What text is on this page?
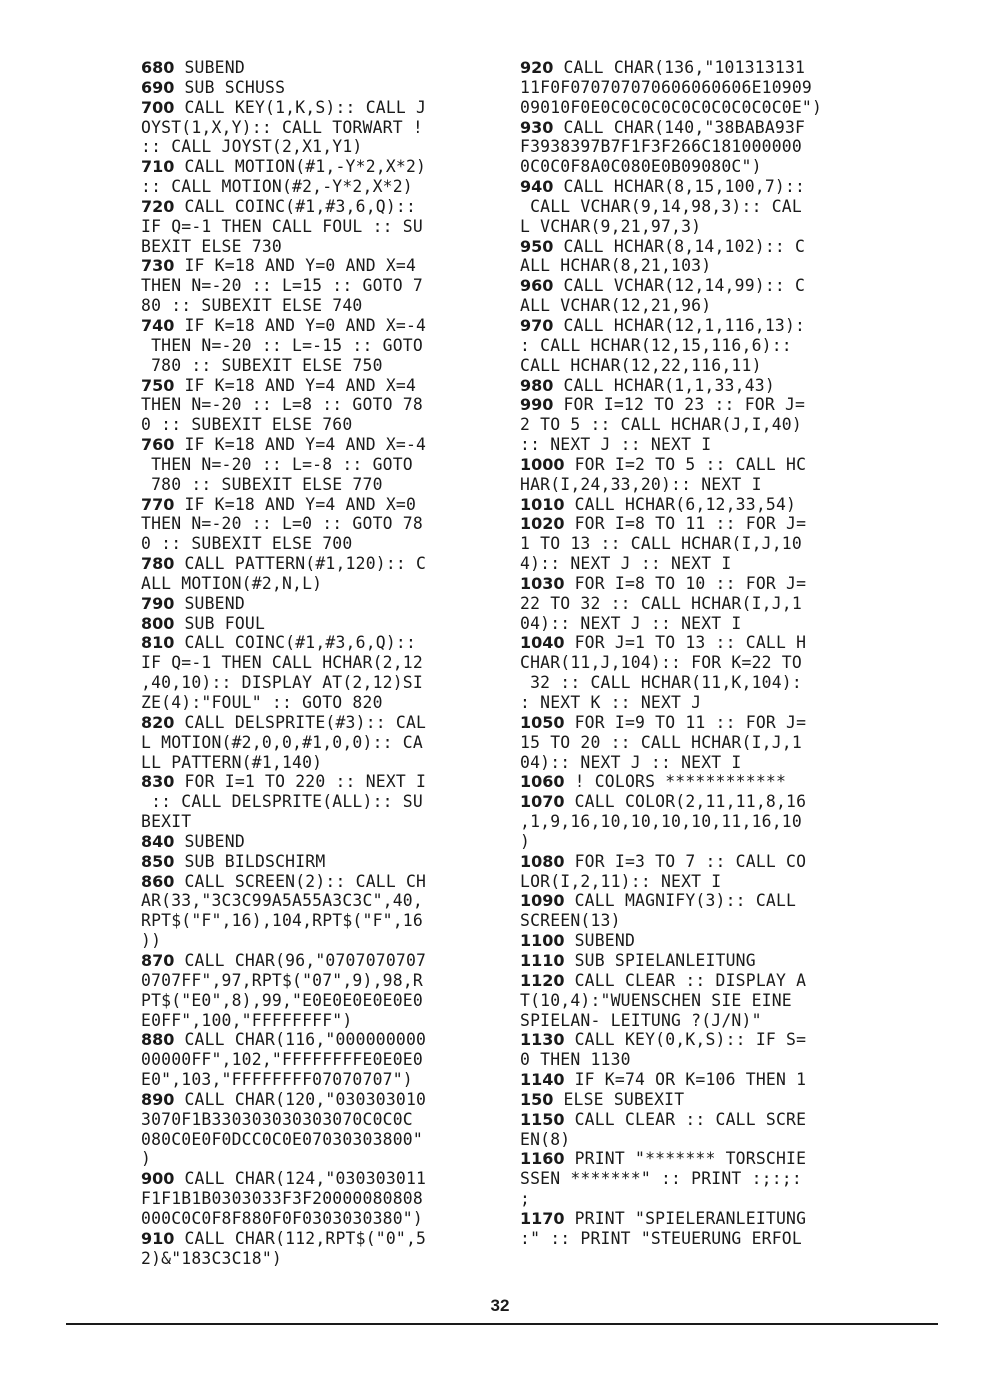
680 SUBEND
690 SUB SCHUSS
700 CALL KEY(1,K,S):: CALL J
OYST(1,X,Y):: CALL TORWART !
:: CALL JOYST(2,X1,Y1)
710 CALL MOTION(#1,-Y*2,X*2)
:: CALL MOTION(#2,-Y*2,X*2)
720 CALL COINC(#1,#3,6,Q)::
IF Q=-1 THEN CALL FOUL :: SU
BEXIT ELSE 730
730 IF K=18 AND Y=0 AND X=4
THEN N=-20 :: L=15 :: GOTO 7
80 :: SUBEXIT ELSE 740
740 IF K=18 AND Y=0 AND X=-4
THEN N=-20 :: L=-15 :: GOTO
780 :: SUBEXIT ELSE 750
750 IF K=18 AND Y=4 AND X=4
THEN N=-20 :: L=8 :: GOTO 78
0 :: SUBEXIT ELSE 760
760 IF K=18 AND Y=4 AND X=-4
THEN N=-20 :: L=-8 :: GOTO
780 :: SUBEXIT ELSE 770
770 IF K=18 AND Y=4 AND X=0
THEN N=-20 :: L=0 :: GOTO 78
0 :: SUBEXIT ELSE 700
780 CALL PATTERN(#1,120):: C
ALL MOTION(#2,N,L)
790 SUBEND
800 SUB FOUL
810 CALL COINC(#1,#3,6,Q)::
IF Q=-1 THEN CALL HCHAR(2,12
,40,10):: DISPLAY AT(2,12)SI
ZE(4):"FOUL" :: GOTO 820
820 CALL DELSPRITE(#3):: CAL
L MOTION(#2,0,0,#1,0,0):: CA
LL PATTERN(#1,140)
830 FOR I=1 TO 220 :: NEXT I
:: CALL DELSPRITE(ALL):: SU
BEXIT
840 SUBEND
850 SUB BILDSCHIRM
860 CALL SCREEN(2):: CALL CH
AR(33,"3C3C99A5A55A3C3C",40,
RPT$("F",16),104,RPT$("F",16
))
870 CALL CHAR(96,"0707070707
0707FF",97,RPT$("07",9),98,R
PT$("E0",8),99,"E0E0E0E0E0E0
E0FF",100,"FFFFFFFF")
880 CALL CHAR(116,"000000000
00000FF",102,"FFFFFFFFE0E0E0
E0",103,"FFFFFFFF07070707")
890 CALL CHAR(120,"030303010
3070F1B330303030303070C0C0C
080C0E0F0DCC0C0E07030303800"
)
900 CALL CHAR(124,"030303011
F1F1B1B0303033F3F20000080808
000C0C0F8F880F0F0303030380")
910 CALL CHAR(112,RPT$("0",5
2)&"183C3C18")
920 CALL CHAR(136,"101313131
11F0F070707070606060606E10909
09010F0E0C0C0C0C0C0C0C0C0C0E")
930 CALL CHAR(140,"38BABA93F
F3938397B7F1F3F266C181000000
0C0C0F8A0C080E0B09080C")
940 CALL HCHAR(8,15,100,7)::
CALL VCHAR(9,14,98,3):: CAL
L VCHAR(9,21,97,3)
950 CALL HCHAR(8,14,102):: C
ALL HCHAR(8,21,103)
960 CALL VCHAR(12,14,99):: C
ALL VCHAR(12,21,96)
970 CALL HCHAR(12,1,116,13):
: CALL HCHAR(12,15,116,6)::
CALL HCHAR(12,22,116,11)
980 CALL HCHAR(1,1,33,43)
990 FOR I=12 TO 23 :: FOR J=
2 TO 5 :: CALL HCHAR(J,I,40)
:: NEXT J :: NEXT I
1000 FOR I=2 TO 5 :: CALL HC
HAR(I,24,33,20):: NEXT I
1010 CALL HCHAR(6,12,33,54)
1020 FOR I=8 TO 11 :: FOR J=
1 TO 13 :: CALL HCHAR(I,J,10
4):: NEXT J :: NEXT I
1030 FOR I=8 TO 10 :: FOR J=
22 TO 32 :: CALL HCHAR(I,J,1
04):: NEXT J :: NEXT I
1040 FOR J=1 TO 13 :: CALL H
CHAR(11,J,104):: FOR K=22 TO
32 :: CALL HCHAR(11,K,104):
: NEXT K :: NEXT J
1050 FOR I=9 TO 11 :: FOR J=
15 TO 20 :: CALL HCHAR(I,J,1
04):: NEXT J :: NEXT I
1060 ! COLORS ************
1070 CALL COLOR(2,11,11,8,16
,1,9,16,10,10,10,10,11,16,10
)
1080 FOR I=3 TO 7 :: CALL CO
LOR(I,2,11):: NEXT I
1090 CALL MAGNIFY(3):: CALL
SCREEN(13)
1100 SUBEND
1110 SUB SPIELANLEITUNG
1120 CALL CLEAR :: DISPLAY A
T(10,4):"WUENSCHEN SIE EINE
SPIELAN- LEITUNG ?(J/N)"
1130 CALL KEY(0,K,S):: IF S=
0 THEN 1130
1140 IF K=74 OR K=106 THEN 1
150 ELSE SUBEXIT
1150 CALL CLEAR :: CALL SCRE
EN(8)
1160 PRINT "******* TORSCHIE
SSEN *******" :: PRINT :;:;:
;
1170 PRINT "SPIELERANLEITUNG
:" :: PRINT "STEUERUNG ERFOL
32
